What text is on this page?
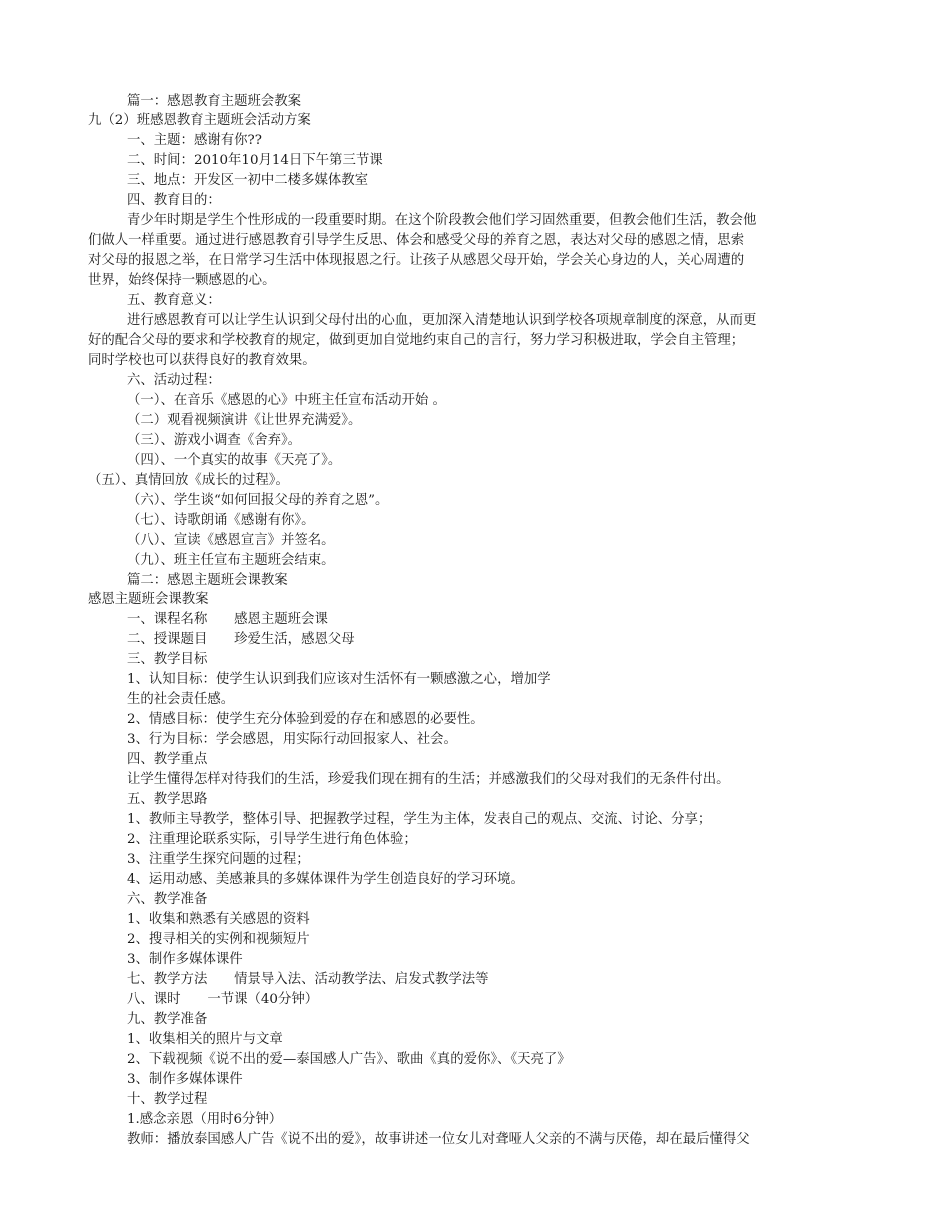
篇一：感恩教育主题班会教案
九（2）班感恩教育主题班会活动方案
一、主题：感谢有你??
二、时间：2010年10月14日下午第三节课
三、地点：开发区一初中二楼多媒体教室
四、教育目的：
青少年时期是学生个性形成的一段重要时期。在这个阶段教会他们学习固然重要，但教会他们生活，教会他
们做人一样重要。通过进行感恩教育引导学生反思、体会和感受父母的养育之恩，表达对父母的感恩之情，思索
对父母的报恩之举，在日常学习生活中体现报恩之行。让孩子从感恩父母开始，学会关心身边的人，关心周遭的
世界，始终保持一颗感恩的心。
五、教育意义：
进行感恩教育可以让学生认识到父母付出的心血，更加深入清楚地认识到学校各项规章制度的深意，从而更
好的配合父母的要求和学校教育的规定，做到更加自觉地约束自己的言行，努力学习积极进取，学会自主管理；
同时学校也可以获得良好的教育效果。
六、活动过程：
（一）、在音乐《感恩的心》中班主任宣布活动开始 。
（二）观看视频演讲《让世界充满爱》。
（三）、游戏小调查《舍弃》。
（四）、一个真实的故事《天亮了》。
（五）、真情回放《成长的过程》。
（六）、学生谈“如何回报父母的养育之恩”。
（七）、诗歌朗诵《感谢有你》。
（八）、宣读《感恩宣言》并签名。
（九）、班主任宣布主题班会结束。
篇二：感恩主题班会课教案
感恩主题班会课教案
一、课程名称　　感恩主题班会课
二、授课题目　　珍爱生活，感恩父母
三、教学目标
1、认知目标：使学生认识到我们应该对生活怀有一颗感激之心，增加学
生的社会责任感。
2、情感目标：使学生充分体验到爱的存在和感恩的必要性。
3、行为目标：学会感恩，用实际行动回报家人、社会。
四、教学重点
让学生懂得怎样对待我们的生活，珍爱我们现在拥有的生活；并感激我们的父母对我们的无条件付出。
五、教学思路
1、教师主导教学，整体引导、把握教学过程，学生为主体，发表自己的观点、交流、讨论、分享；
2、注重理论联系实际，引导学生进行角色体验；
3、注重学生探究问题的过程；
4、运用动感、美感兼具的多媒体课件为学生创造良好的学习环境。
六、教学准备
1、收集和熟悉有关感恩的资料
2、搜寻相关的实例和视频短片
3、制作多媒体课件
七、教学方法　　情景导入法、活动教学法、启发式教学法等
八、课时　　一节课（40分钟）
九、教学准备
1、收集相关的照片与文章
2、下载视频《说不出的爱—泰国感人广告》、歌曲《真的爱你》、《天亮了》
3、制作多媒体课件
十、教学过程
1.感念亲恩（用时6分钟）
教师：播放泰国感人广告《说不出的爱》，故事讲述一位女儿对聋哑人父亲的不满与厌倦，却在最后懂得父
